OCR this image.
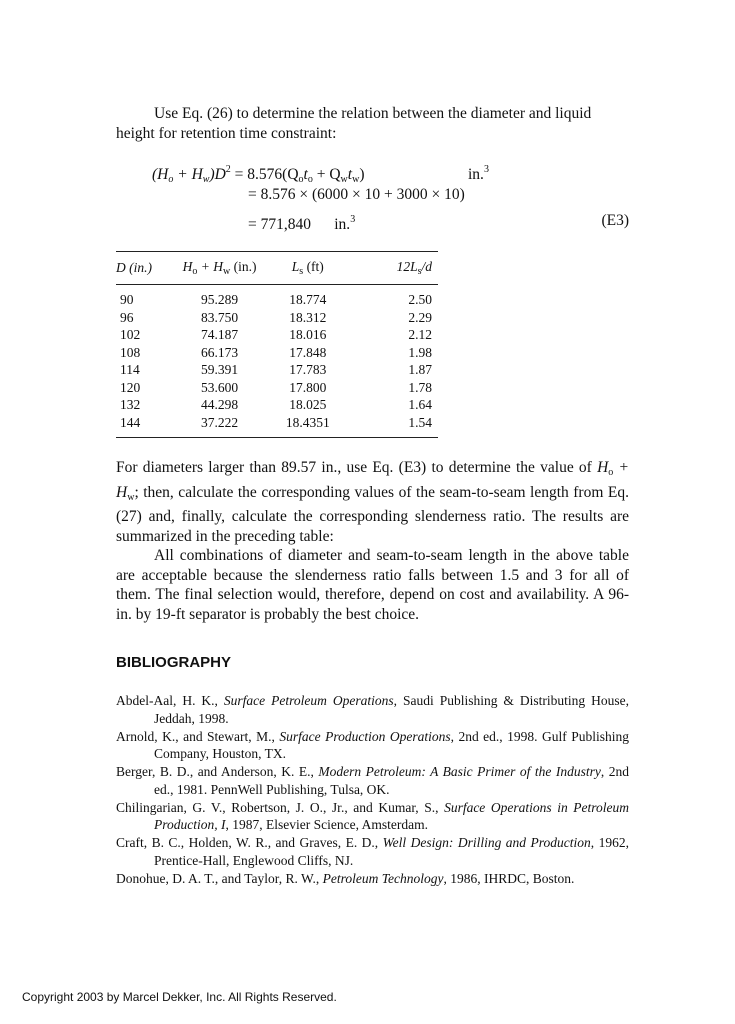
Use Eq. (26) to determine the relation between the diameter and liquid
height for retention time constraint:

$(H_o + H_w)D^2 = 8.576(Q_ot_o + Q_wt_w)$	in.$^3$
= 8.576 × (6000 × 10 + 3000 × 10)
= 771,840 in.$^3$	(E3)
D (in.)	$H_o + H_w$ (in.)	$L_s$ (ft)	$12L_s/d$
90	95.289	18.774	2.50
96	83.750	18.312	2.29
102	74.187	18.016	2.12
108	66.173	17.848	1.98
114	59.391	17.783	1.87
120	53.600	17.800	1.78
132	44.298	18.025	1.64
144	37.222	18.4351	1.54

For diameters larger than 89.57 in., use Eq. (E3) to determine the value of $H_o + H_w$; then, calculate the corresponding values of the seam-to-seam length from Eq. (27) and, finally, calculate the corresponding slenderness ratio. The results are summarized in the preceding table:
All combinations of diameter and seam-to-seam length in the above table are acceptable because the slenderness ratio falls between 1.5 and 3 for all of them. The final selection would, therefore, depend on cost and availability. A 96-in. by 19-ft separator is probably the best choice.

BIBLIOGRAPHY

Abdel-Aal, H. K., Surface Petroleum Operations, Saudi Publishing & Distributing House, Jeddah, 1998.

Arnold, K., and Stewart, M., Surface Production Operations, 2nd ed., 1998. Gulf Publishing Company, Houston, TX.

Berger, B. D., and Anderson, K. E., Modern Petroleum: A Basic Primer of the Industry, 2nd ed., 1981. PennWell Publishing, Tulsa, OK.

Chilingarian, G. V., Robertson, J. O., Jr., and Kumar, S., Surface Operations in Petroleum Production, I, 1987, Elsevier Science, Amsterdam.

Craft, B. C., Holden, W. R., and Graves, E. D., Well Design: Drilling and Production, 1962, Prentice-Hall, Englewood Cliffs, NJ.

Donohue, D. A. T., and Taylor, R. W., Petroleum Technology, 1986, IHRDC, Boston.

Copyright 2003 by Marcel Dekker, Inc. All Rights Reserved.
